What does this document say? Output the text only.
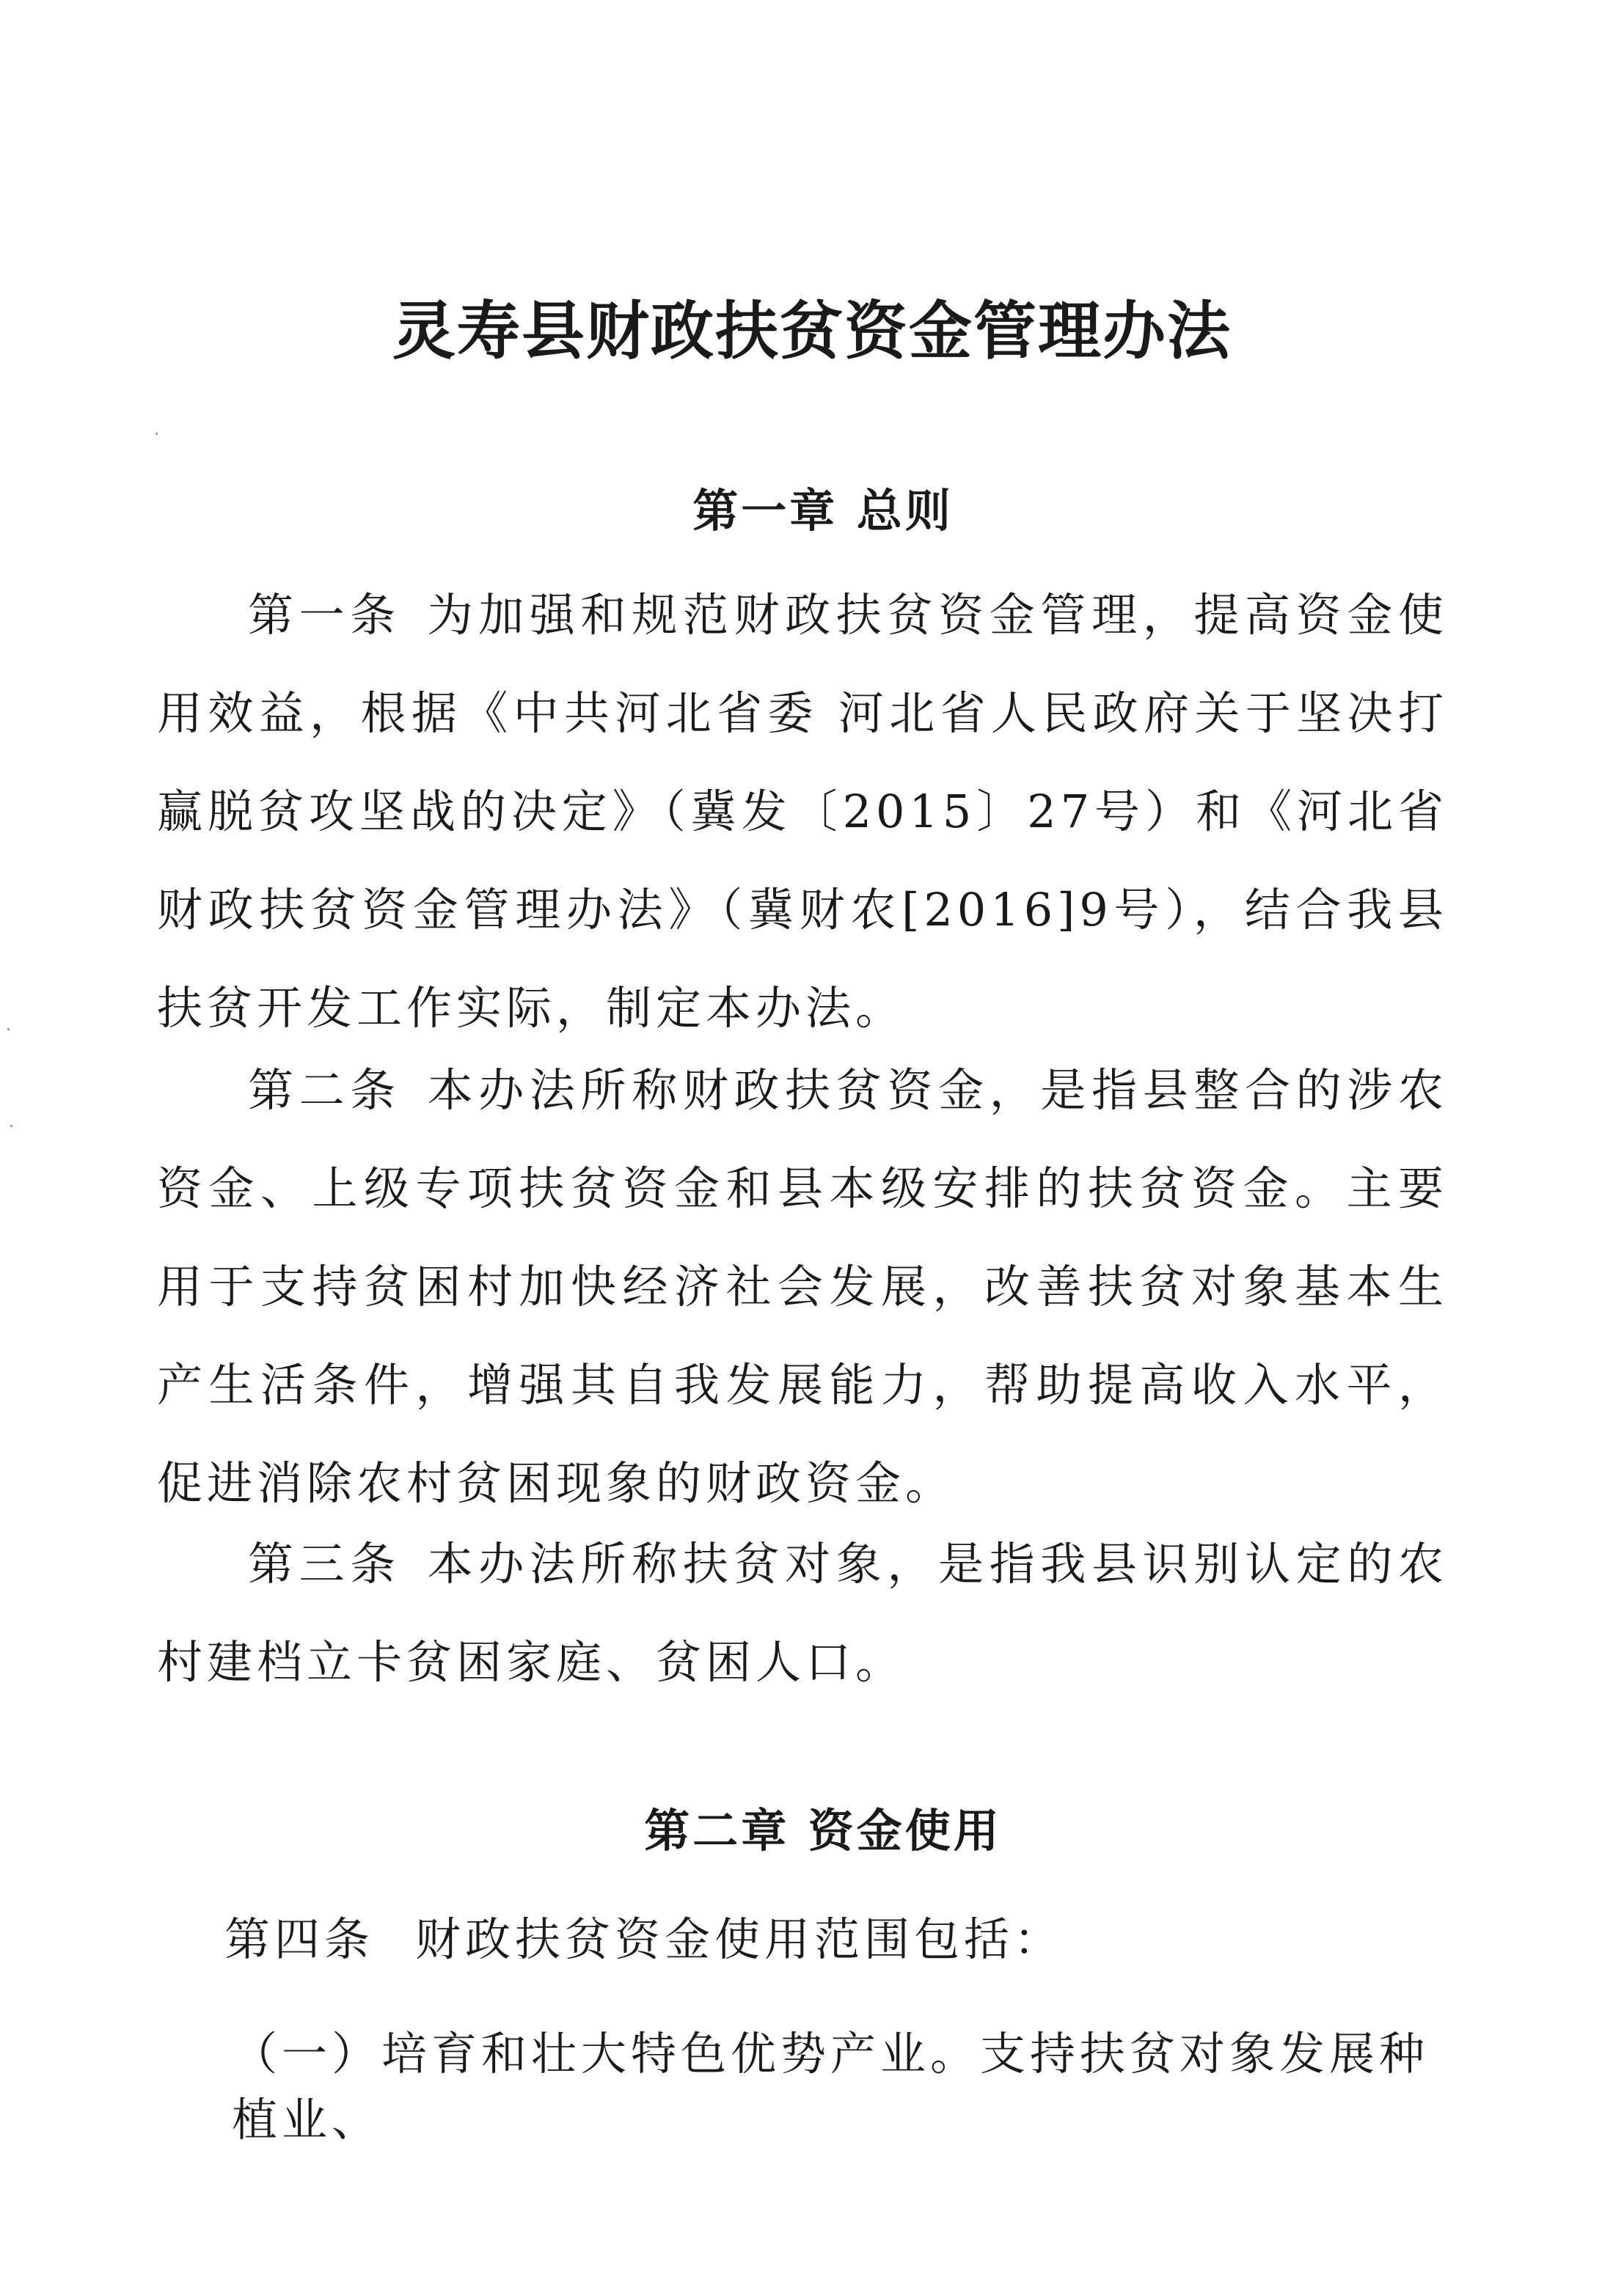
灵寿县财政扶贫资金管理办法
第一章 总则

第一条 为加强和规范财政扶贫资金管理，提高资金使用效益，根据《中共河北省委 河北省人民政府关于坚决打赢脱贫攻坚战的决定》（冀发〔2015〕27号）和《河北省财政扶贫资金管理办法》（冀财农[2016]9号），结合我县扶贫开发工作实际，制定本办法。

第二条 本办法所称财政扶贫资金，是指县整合的涉农资金、上级专项扶贫资金和县本级安排的扶贫资金。主要用于支持贫困村加快经济社会发展，改善扶贫对象基本生产生活条件，增强其自我发展能力，帮助提高收入水平，促进消除农村贫困现象的财政资金。

第三条 本办法所称扶贫对象，是指我县识别认定的农村建档立卡贫困家庭、贫困人口。

第二章 资金使用

第四条 财政扶贫资金使用范围包括：

（一）培育和壮大特色优势产业。支持扶贫对象发展种植业、
